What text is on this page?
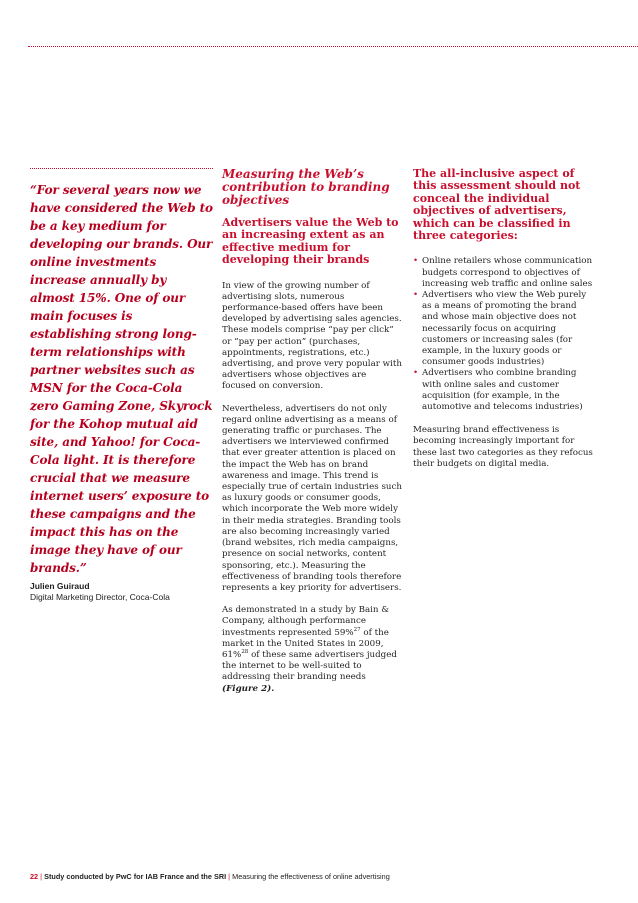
“For several years now we have considered the Web to be a key medium for developing our brands. Our online investments increase annually by almost 15%. One of our main focuses is establishing strong long-term relationships with partner websites such as MSN for the Coca-Cola zero Gaming Zone, Skyrock for the Kohop mutual aid site, and Yahoo! for Coca-Cola light. It is therefore crucial that we measure internet users’ exposure to these campaigns and the impact this has on the image they have of our brands.”

Julien Guiraud
Digital Marketing Director, Coca-Cola
Measuring the Web’s contribution to branding objectives
Advertisers value the Web to an increasing extent as an effective medium for developing their brands

In view of the growing number of advertising slots, numerous performance-based offers have been developed by advertising sales agencies. These models comprise “pay per click” or “pay per action” (purchases, appointments, registrations, etc.) advertising, and prove very popular with advertisers whose objectives are focused on conversion.

Nevertheless, advertisers do not only regard online advertising as a means of generating traffic or purchases. The advertisers we interviewed confirmed that ever greater attention is placed on the impact the Web has on brand awareness and image. This trend is especially true of certain industries such as luxury goods or consumer goods, which incorporate the Web more widely in their media strategies. Branding tools are also becoming increasingly varied (brand websites, rich media campaigns, presence on social networks, content sponsoring, etc.). Measuring the effectiveness of branding tools therefore represents a key priority for advertisers.

As demonstrated in a study by Bain & Company, although performance investments represented 59%$^{27}$ of the market in the United States in 2009, 61%$^{28}$ of these same advertisers judged the internet to be well-suited to addressing their branding needs (Figure 2).

The all-inclusive aspect of this assessment should not conceal the individual objectives of advertisers, which can be classified in three categories:
• Online retailers whose communication budgets correspond to objectives of increasing web traffic and online sales
• Advertisers who view the Web purely as a means of promoting the brand and whose main objective does not necessarily focus on acquiring customers or increasing sales (for example, in the luxury goods or consumer goods industries)
• Advertisers who combine branding with online sales and customer acquisition (for example, in the automotive and telecoms industries)

Measuring brand effectiveness is becoming increasingly important for these last two categories as they refocus their budgets on digital media.

22 | Study conducted by PwC for IAB France and the SRI | Measuring the effectiveness of online advertising
